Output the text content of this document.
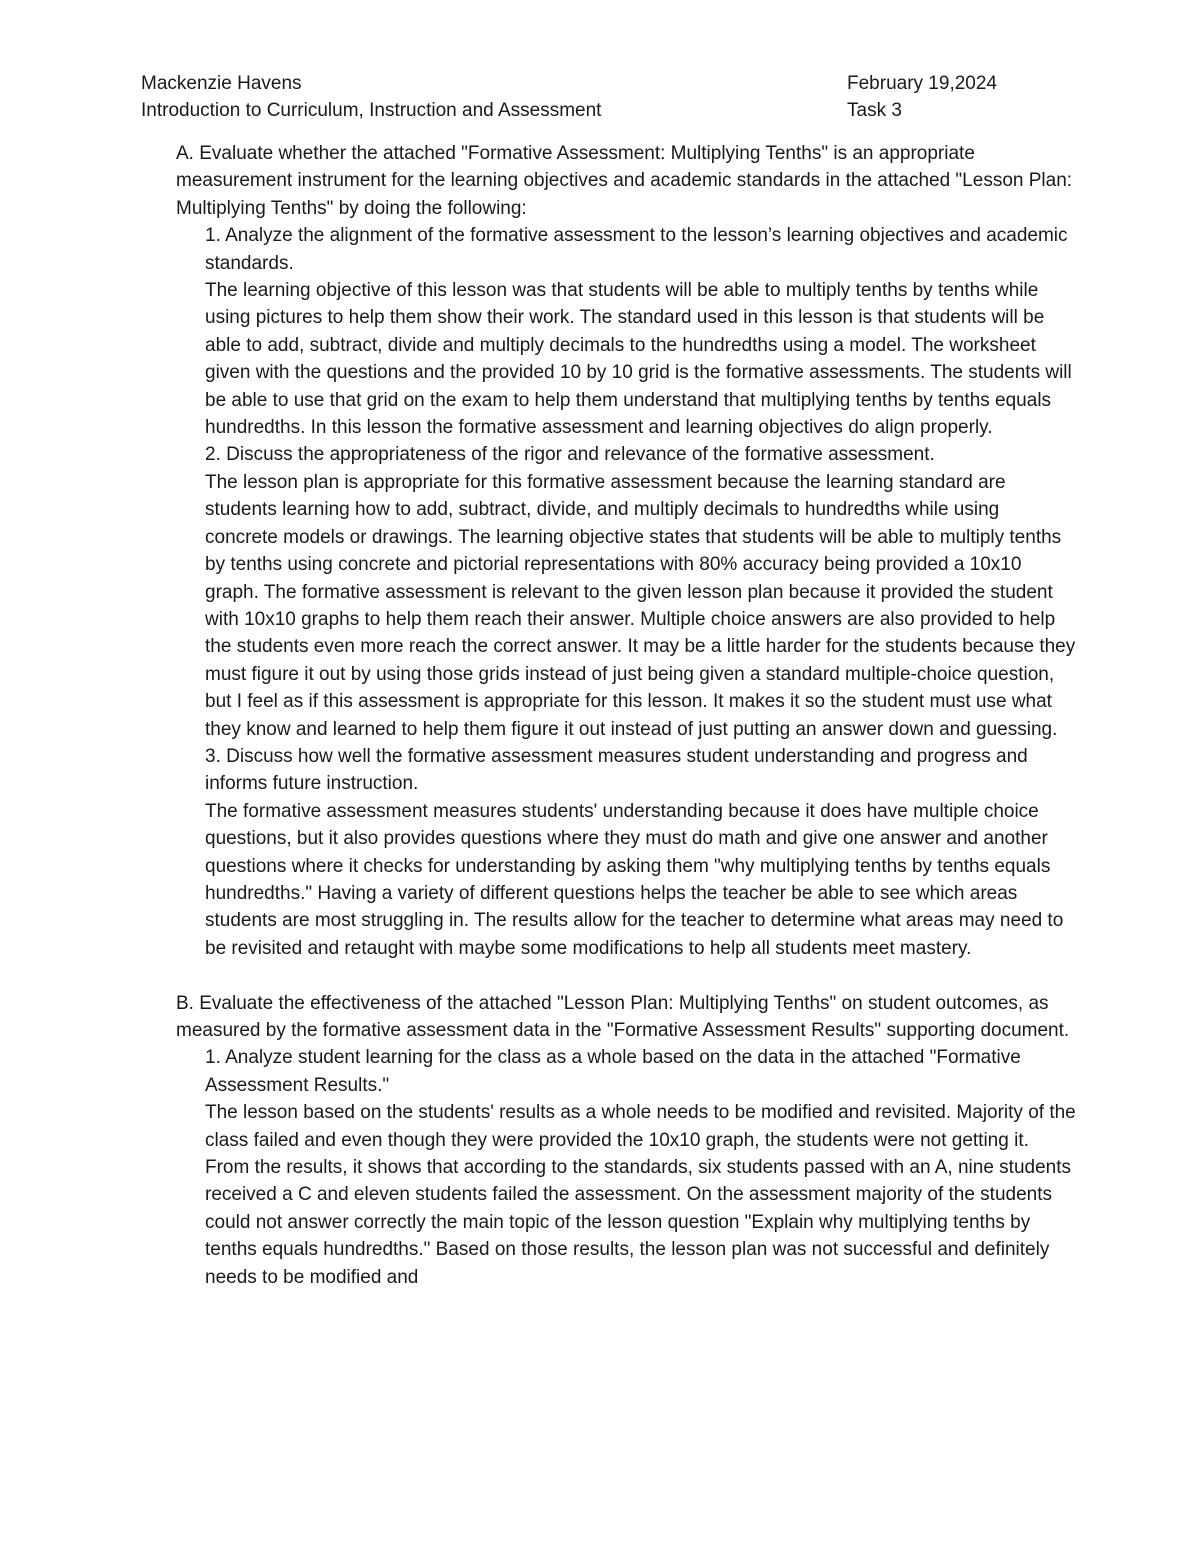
Mackenzie Havens	February 19,2024
Introduction to Curriculum, Instruction and Assessment	Task 3

A. Evaluate whether the attached "Formative Assessment: Multiplying Tenths" is an appropriate measurement instrument for the learning objectives and academic standards in the attached "Lesson Plan: Multiplying Tenths" by doing the following:

1. Analyze the alignment of the formative assessment to the lesson’s learning objectives and academic standards.

The learning objective of this lesson was that students will be able to multiply tenths by tenths while using pictures to help them show their work. The standard used in this lesson is that students will be able to add, subtract, divide and multiply decimals to the hundredths using a model. The worksheet given with the questions and the provided 10 by 10 grid is the formative assessments. The students will be able to use that grid on the exam to help them understand that multiplying tenths by tenths equals hundredths. In this lesson the formative assessment and learning objectives do align properly.

2. Discuss the appropriateness of the rigor and relevance of the formative assessment.

The lesson plan is appropriate for this formative assessment because the learning standard are students learning how to add, subtract, divide, and multiply decimals to hundredths while using concrete models or drawings. The learning objective states that students will be able to multiply tenths by tenths using concrete and pictorial representations with 80% accuracy being provided a 10x10 graph. The formative assessment is relevant to the given lesson plan because it provided the student with 10x10 graphs to help them reach their answer. Multiple choice answers are also provided to help the students even more reach the correct answer. It may be a little harder for the students because they must figure it out by using those grids instead of just being given a standard multiple-choice question, but I feel as if this assessment is appropriate for this lesson. It makes it so the student must use what they know and learned to help them figure it out instead of just putting an answer down and guessing.

3. Discuss how well the formative assessment measures student understanding and progress and informs future instruction.

The formative assessment measures students' understanding because it does have multiple choice questions, but it also provides questions where they must do math and give one answer and another questions where it checks for understanding by asking them "why multiplying tenths by tenths equals hundredths." Having a variety of different questions helps the teacher be able to see which areas students are most struggling in. The results allow for the teacher to determine what areas may need to be revisited and retaught with maybe some modifications to help all students meet mastery.

B. Evaluate the effectiveness of the attached "Lesson Plan: Multiplying Tenths" on student outcomes, as measured by the formative assessment data in the "Formative Assessment Results" supporting document.

1. Analyze student learning for the class as a whole based on the data in the attached "Formative Assessment Results."

The lesson based on the students' results as a whole needs to be modified and revisited. Majority of the class failed and even though they were provided the 10x10 graph, the students were not getting it. From the results, it shows that according to the standards, six students passed with an A, nine students received a C and eleven students failed the assessment. On the assessment majority of the students could not answer correctly the main topic of the lesson question "Explain why multiplying tenths by tenths equals hundredths." Based on those results, the lesson plan was not successful and definitely needs to be modified and
